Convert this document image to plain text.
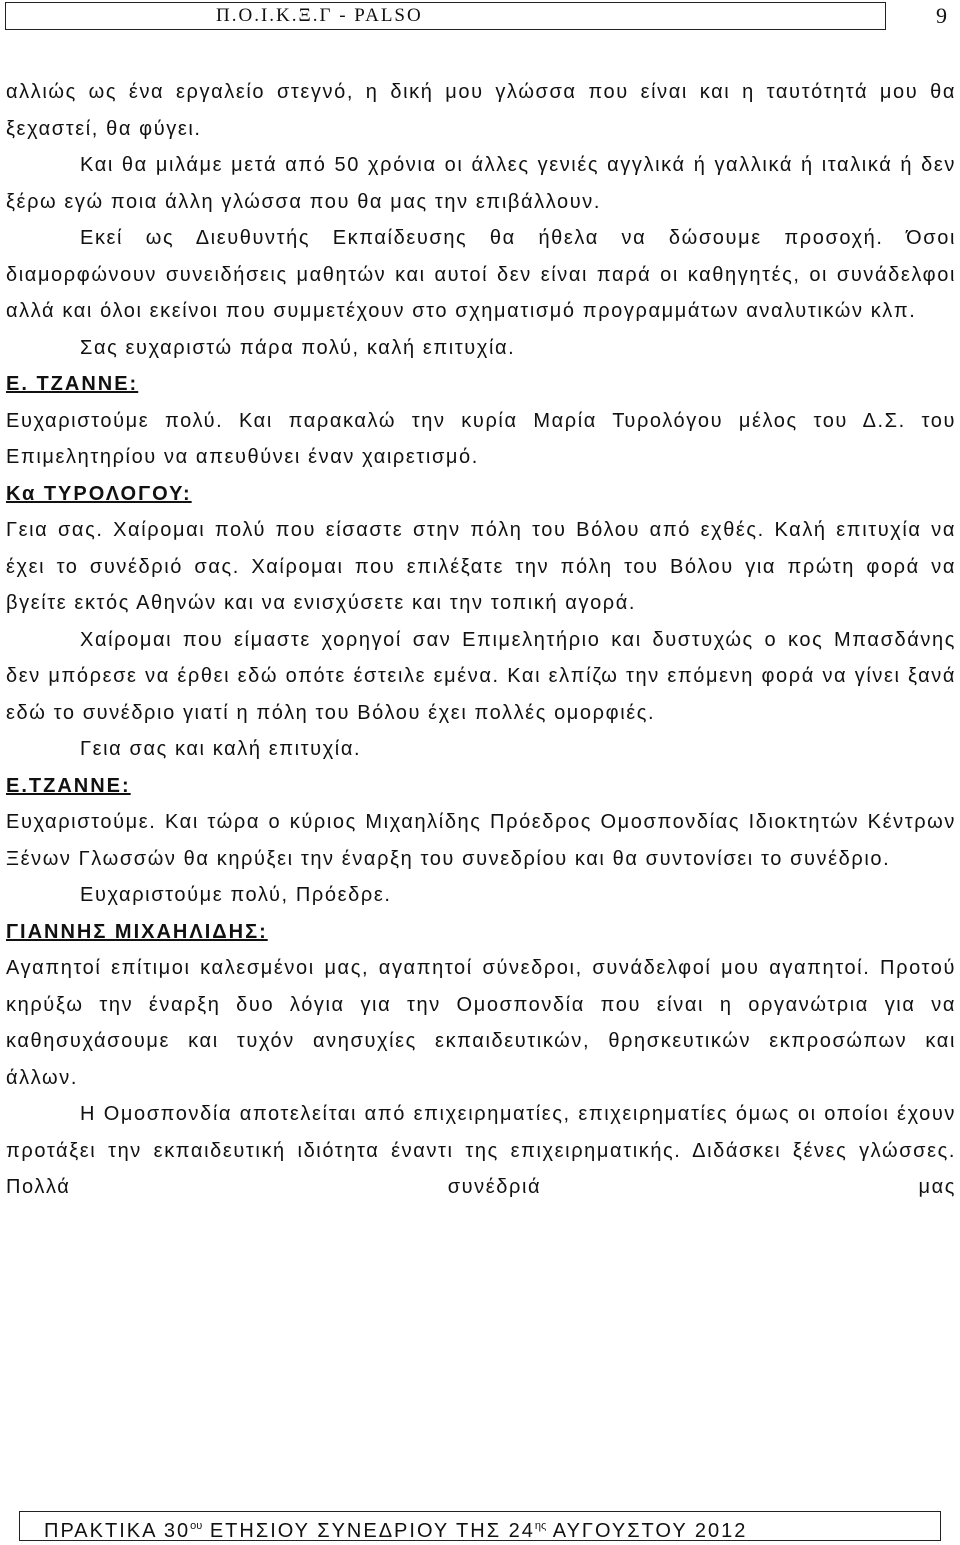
Π.Ο.Ι.Κ.Ξ.Γ - PALSO	9

αλλιώς ως ένα εργαλείο στεγνό, η δική μου γλώσσα που είναι και η ταυτότητά μου θα ξεχαστεί, θα φύγει.

Και θα μιλάμε μετά από 50 χρόνια οι άλλες γενιές αγγλικά ή γαλλικά ή ιταλικά ή δεν ξέρω εγώ ποια άλλη γλώσσα που θα μας την επιβάλλουν.

Εκεί ως Διευθυντής Εκπαίδευσης θα ήθελα να δώσουμε προσοχή. Όσοι διαμορφώνουν συνειδήσεις μαθητών και αυτοί δεν είναι παρά οι καθηγητές, οι συνάδελφοι αλλά και όλοι εκείνοι που συμμετέχουν στο σχηματισμό προγραμμάτων αναλυτικών κλπ.

Σας ευχαριστώ πάρα πολύ, καλή επιτυχία.

Ε. ΤΖΑΝΝΕ:

Ευχαριστούμε πολύ. Και παρακαλώ την κυρία Μαρία Τυρολόγου μέλος του Δ.Σ. του Επιμελητηρίου να απευθύνει έναν χαιρετισμό.

Κα ΤΥΡΟΛΟΓΟΥ:

Γεια σας. Χαίρομαι πολύ που είσαστε στην πόλη του Βόλου από εχθές. Καλή επιτυχία να έχει το συνέδριό σας. Χαίρομαι που επιλέξατε την πόλη του Βόλου για πρώτη φορά να βγείτε εκτός Αθηνών και να ενισχύσετε και την τοπική αγορά.

Χαίρομαι που είμαστε χορηγοί σαν Επιμελητήριο και δυστυχώς ο κος Μπασδάνης δεν μπόρεσε να έρθει εδώ οπότε έστειλε εμένα. Και ελπίζω την επόμενη φορά να γίνει ξανά εδώ το συνέδριο γιατί η πόλη του Βόλου έχει πολλές ομορφιές.

Γεια σας και καλή επιτυχία.

Ε.ΤΖΑΝΝΕ:

Ευχαριστούμε. Και τώρα ο κύριος Μιχαηλίδης Πρόεδρος Ομοσπονδίας Ιδιοκτητών Κέντρων Ξένων Γλωσσών θα κηρύξει την έναρξη του συνεδρίου και θα συντονίσει το συνέδριο.

Ευχαριστούμε πολύ, Πρόεδρε.

ΓΙΑΝΝΗΣ ΜΙΧΑΗΛΙΔΗΣ:

Αγαπητοί επίτιμοι καλεσμένοι μας, αγαπητοί σύνεδροι, συνάδελφοί μου αγαπητοί. Προτού κηρύξω την έναρξη δυο λόγια για την Ομοσπονδία που είναι η οργανώτρια για να καθησυχάσουμε και τυχόν ανησυχίες εκπαιδευτικών, θρησκευτικών εκπροσώπων και άλλων.

Η Ομοσπονδία αποτελείται από επιχειρηματίες, επιχειρηματίες όμως οι οποίοι έχουν προτάξει την εκπαιδευτική ιδιότητα έναντι της επιχειρηματικής. Διδάσκει ξένες γλώσσες. Πολλά συνέδριά μας

ΠΡΑΚΤΙΚΑ $30^{o\upsilon}$ ΕΤΗΣΙΟΥ ΣΥΝΕΔΡΙΟΥ ΤΗΣ $24^{\eta\varsigma}$ ΑΥΓΟΥΣΤΟΥ 2012
